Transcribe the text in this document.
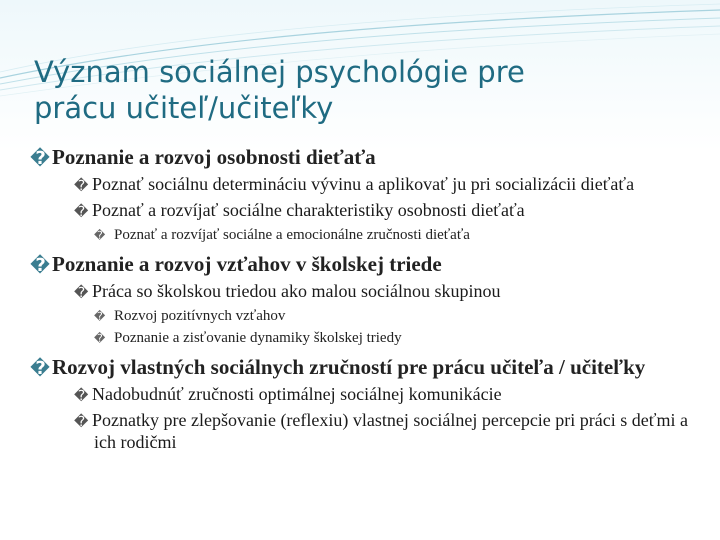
Význam sociálnej psychológie pre
prácu učiteľ/učiteľky
�Poznanie a rozvoj osobnosti dieťaťa
� Poznať sociálnu determináciu vývinu a aplikovať ju pri socializácii dieťaťa
� Poznať a rozvíjať sociálne charakteristiky osobnosti dieťaťa
� Poznať a rozvíjať sociálne a emocionálne zručnosti dieťaťa
�Poznanie a rozvoj vzťahov v školskej triede
� Práca so školskou triedou ako malou sociálnou skupinou
� Rozvoj pozitívnych vzťahov
� Poznanie a zisťovanie dynamiky školskej triedy
�Rozvoj vlastných sociálnych zručností pre prácu učiteľa / učiteľky
� Nadobudnúť zručnosti optimálnej sociálnej komunikácie
� Poznatky pre zlepšovanie (reflexiu) vlastnej sociálnej percepcie pri práci s deťmi a ich rodičmi
